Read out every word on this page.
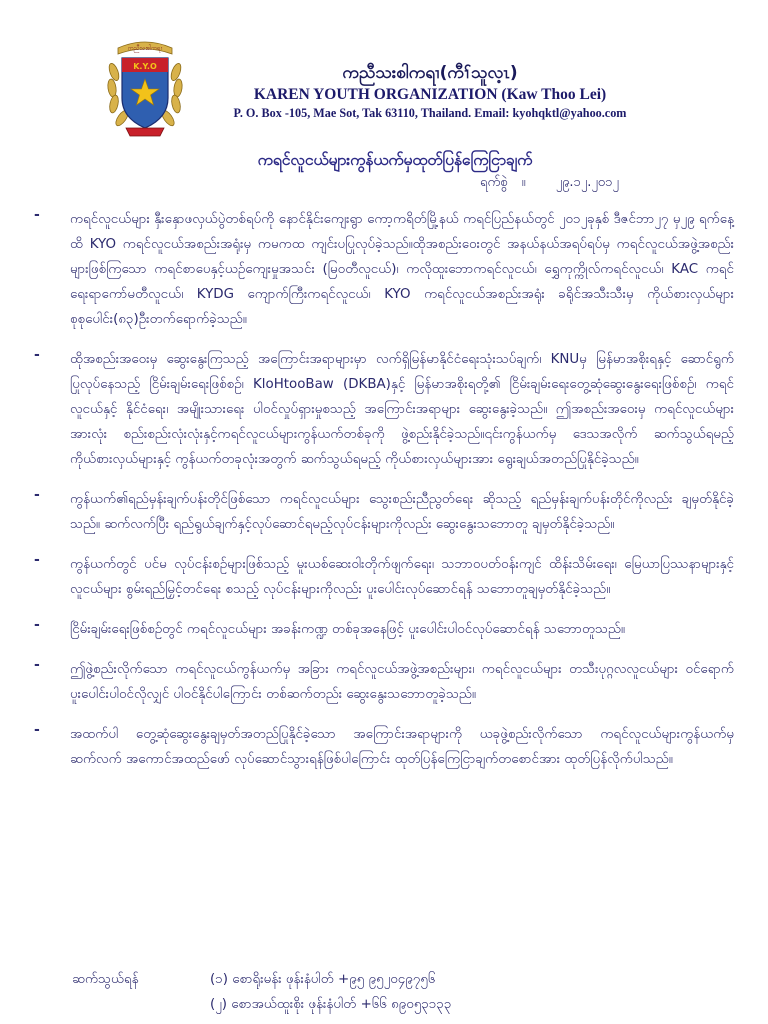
ကညီသးစါကရၢ
K.Y.O	ကညီသးစါကရၢ(ကီၢ်သူလ့ၤ)
KAREN YOUTH ORGANIZATION (Kaw Thoo Lei)
P. O. Box -105, Mae Sot, Tak 63110, Thailand. Email: kyohqktl@yahoo.com
ကရင်လူငယ်များကွန်ယက်မှထုတ်ပြန်ကြေငြာချက်
ရက်စွဲ ။ ၂၉.၁၂.၂၀၁၂
- ကရင်လူငယ်များ နှီးနှောဖလှယ်ပွဲတစ်ရပ်ကို နောင်နိုင်းကျေးရွာ ကော့ကရိတ်မြို့နယ် ကရင်ပြည်နယ်တွင် ၂၀၁၂ခုနှစ် ဒီဇင်ဘာ၂၇ မှ၂၉ ရက်နေ့ထိ KYO ကရင်လူငယ်အစည်းအရုံးမှ ကမကထ ကျင်းပပြုလုပ်ခဲ့သည်။ထိုအစည်းဝေးတွင် အနယ်နယ်အရပ်ရပ်မှ ကရင်လူငယ်အဖွဲ့အစည်းများဖြစ်ကြသော ကရင်စာပေနှင့်ယဉ်ကျေးမှုအသင်း (မြဝတီလူငယ်)၊ ကလိုထူးဘောကရင်လူငယ်၊ ရွှေကုက္ကိုလ်ကရင်လူငယ်၊ KAC ကရင်ရေးရာကော်မတီလူငယ်၊ KYDG ကျောက်ကြီးကရင်လူငယ်၊ KYO ကရင်လူငယ်အစည်းအရုံး ခရိုင်အသီးသီးမှ ကိုယ်စားလှယ်များ စုစုပေါင်း(၈၃)ဦးတက်ရောက်ခဲ့သည်။
- ထိုအစည်းအဝေးမှ ဆွေးနွေးကြသည့် အကြောင်းအရာများမှာ လက်ရှိမြန်မာနိုင်ငံရေးသုံးသပ်ချက်၊ KNUမှ မြန်မာအစိုးရနှင့် ဆောင်ရွက်ပြုလုပ်နေသည့် ငြိမ်းချမ်းရေးဖြစ်စဉ်၊ KloHtooBaw (DKBA)နှင့် မြန်မာအစိုးရတို့၏ ငြိမ်းချမ်းရေးတွေ့ဆုံဆွေးနွေးရေးဖြစ်စဉ်၊ ကရင်လူငယ်နှင့် နိုင်ငံရေး၊ အမျိုးသားရေး ပါဝင်လှုပ်ရှားမှုစသည့် အကြောင်းအရာများ ဆွေးနွေးခဲ့သည်။ ဤအစည်းအဝေးမှ ကရင်လူငယ်များအားလုံး စည်းစည်းလုံးလုံးနှင့်ကရင်လူငယ်များကွန်ယက်တစ်ခုကို ဖွဲ့စည်းနိုင်ခဲ့သည်။၎င်းကွန်ယက်မှ ဒေသအလိုက် ဆက်သွယ်ရမည့် ကိုယ်စားလှယ်များနှင့် ကွန်ယက်တခုလုံးအတွက် ဆက်သွယ်ရမည့် ကိုယ်စားလှယ်များအား ရွေးချယ်အတည်ပြုနိုင်ခဲ့သည်။
- ကွန်ယက်၏ရည်မှန်းချက်ပန်းတိုင်ဖြစ်သော ကရင်လူငယ်များ သွေးစည်းညီညွတ်ရေး ဆိုသည့် ရည်မှန်းချက်ပန်းတိုင်ကိုလည်း ချမှတ်နိုင်ခဲ့သည်။ ဆက်လက်ပြီး ရည်ရွယ်ချက်နှင့်လုပ်ဆောင်ရမည့်လုပ်ငန်းများကိုလည်း ဆွေးနွေးသဘောတူ ချမှတ်နိုင်ခဲ့သည်။
- ကွန်ယက်တွင် ပင်မ လုပ်ငန်းစဉ်များဖြစ်သည့် မူးယစ်ဆေးဝါးတိုက်ဖျက်ရေး၊ သဘာဝပတ်ဝန်းကျင် ထိန်းသိမ်းရေး၊ မြေယာပြဿနာများနှင့် လူငယ်များ စွမ်းရည်မြှင့်တင်ရေး စသည့် လုပ်ငန်းများကိုလည်း ပူးပေါင်းလုပ်ဆောင်ရန် သဘောတူချမှတ်နိုင်ခဲ့သည်။
- ငြိမ်းချမ်းရေးဖြစ်စဉ်တွင် ကရင်လူငယ်များ အခန်းကဏ္ဍ တစ်ခုအနေဖြင့် ပူးပေါင်းပါဝင်လုပ်ဆောင်ရန် သဘောတူသည်။
- ဤဖွဲ့စည်းလိုက်သော ကရင်လူငယ်ကွန်ယက်မှ အခြား ကရင်လူငယ်အဖွဲ့အစည်းများ၊ ကရင်လူငယ်များ တသီးပုဂ္ဂလလူငယ်များ ဝင်ရောက်ပူးပေါင်းပါဝင်လိုလျှင် ပါဝင်နိုင်ပါကြောင်း တစ်ဆက်တည်း ဆွေးနွေးသဘောတူခဲ့သည်။
- အထက်ပါ တွေ့ဆုံဆွေးနွေးချမှတ်အတည်ပြုနိုင်ခဲ့သော အကြောင်းအရာများကို ယခုဖွဲ့စည်းလိုက်သော ကရင်လူငယ်များကွန်ယက်မှ ဆက်လက် အကောင်အထည်ဖော် လုပ်ဆောင်သွားရန်ဖြစ်ပါကြောင်း ထုတ်ပြန်ကြေငြာချက်တစောင်အား ထုတ်ပြန်လိုက်ပါသည်။
ဆက်သွယ်ရန်	(၁) စောရိုးမန်း ဖုန်းနံပါတ် +၉၅ ၉၅၂၀၄၉၇၅၆
(၂) စောအယ်ထူးစိုး ဖုန်းနံပါတ် +၆၆ ၈၉၀၅၃၁၃၃
